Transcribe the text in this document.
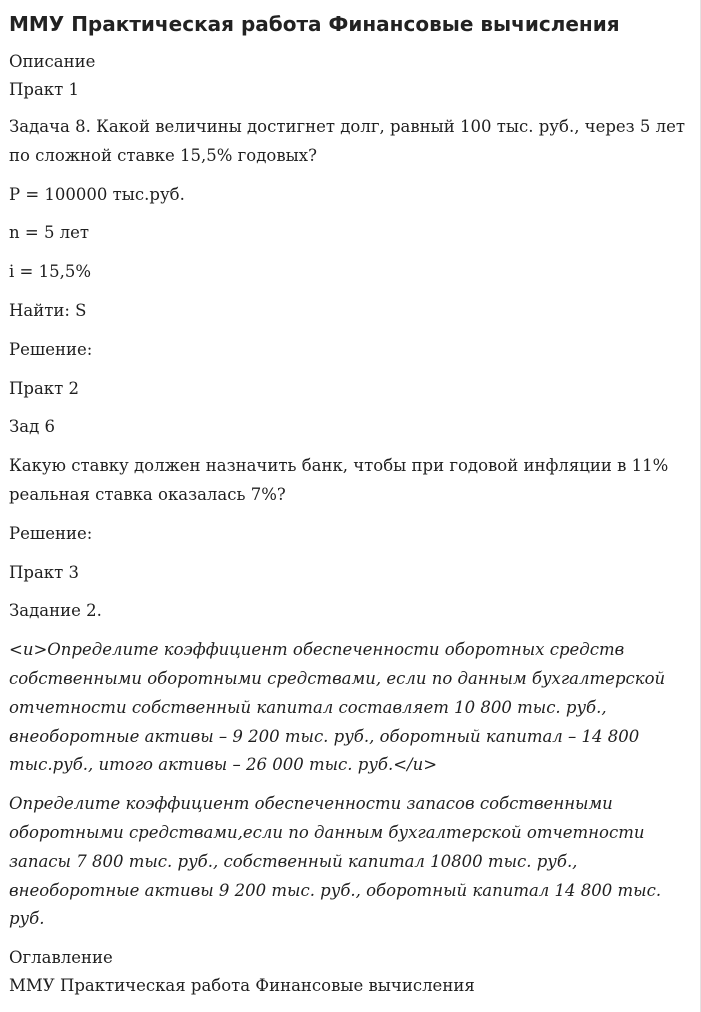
ММУ Практическая работа Финансовые вычисления

Описание

Практ 1

Задача 8. Какой величины достигнет долг, равный 100 тыс. руб., через 5 лет по сложной ставке 15,5% годовых?

P = 100000 тыс.руб.

n = 5 лет

i = 15,5%

Найти: S

Решение:

Практ 2

Зад 6

Какую ставку должен назначить банк, чтобы при годовой инфляции в 11% реальная ставка оказалась 7%?

Решение:

Практ 3

Задание 2.

<u>Определите коэффициент обеспеченности оборотных средств собственными оборотными средствами, если по данным бухгалтерской отчетности собственный капитал составляет 10 800 тыс. руб., внеоборотные активы – 9 200 тыс. руб., оборотный капитал – 14 800 тыс.руб., итого активы – 26 000 тыс. руб.</u>

Определите коэффициент обеспеченности запасов собственными оборотными средствами,если по данным бухгалтерской отчетности запасы 7 800 тыс. руб., собственный капитал 10800 тыс. руб., внеоборотные активы 9 200 тыс. руб., оборотный капитал 14 800 тыс. руб.

Оглавление

ММУ Практическая работа Финансовые вычисления
